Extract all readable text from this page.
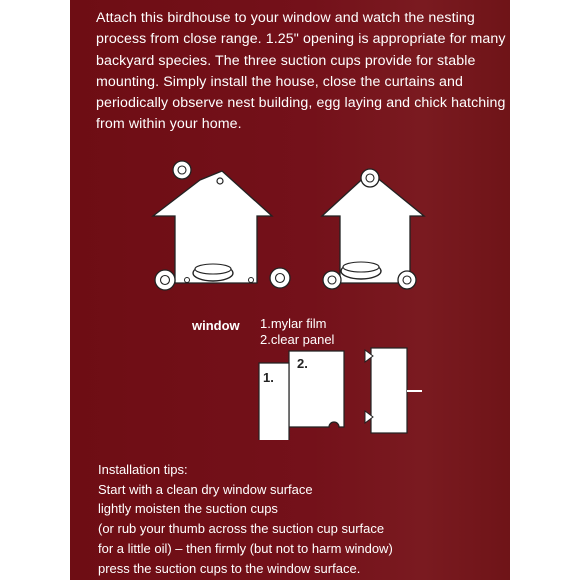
Attach this birdhouse to your window and watch the nesting process from close range. 1.25" opening is appropriate for many backyard species. The three suction cups provide for stable mounting. Simply install the house, close the curtains and periodically observe nest building, egg laying and chick hatching from within your home.

window 1.mylar film
2.clear panel
2.
1.
Installation tips:
Start with a clean dry window surface
lightly moisten the suction cups
(or rub your thumb across the suction cup surface
for a little oil) – then firmly (but not to harm window)
press the suction cups to the window surface.
